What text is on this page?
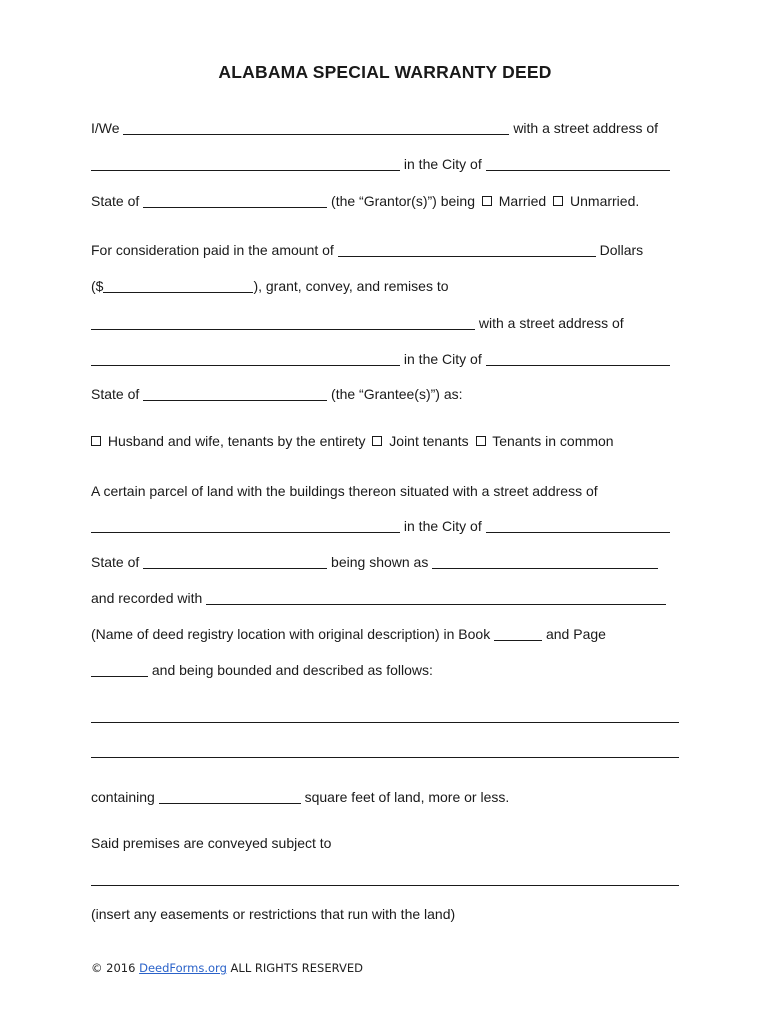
ALABAMA SPECIAL WARRANTY DEED
I/We	with a street address of
in the City of
State of	(the “Grantor(s)”) being Married Unmarried.
For consideration paid in the amount of	Dollars
($	), grant, convey, and remises to
with a street address of
in the City of
State of	(the “Grantee(s)”) as:
Husband and wife, tenants by the entirety Joint tenants Tenants in common
A certain parcel of land with the buildings thereon situated with a street address of
in the City of
State of	being shown as
and recorded with
(Name of deed registry location with original description) in Book	and Page
and being bounded and described as follows:
containing	square feet of land, more or less.
Said premises are conveyed subject to
(insert any easements or restrictions that run with the land)
© 2016 DeedForms.org ALL RIGHTS RESERVED
